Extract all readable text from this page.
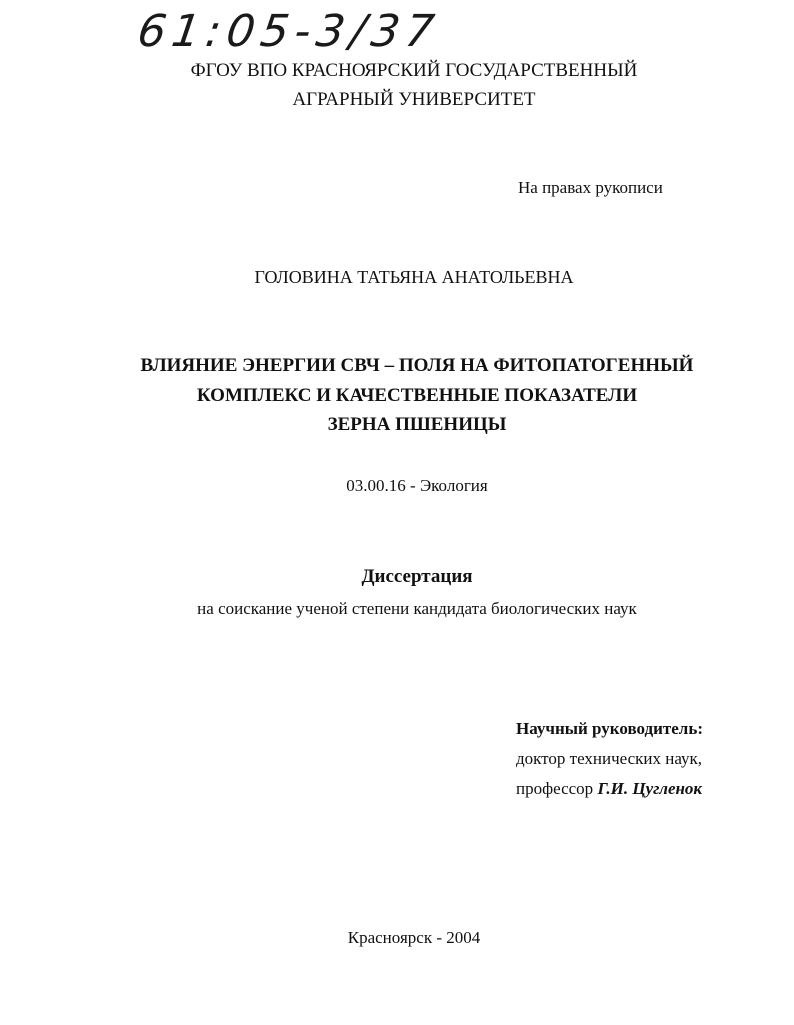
61:05-3/37
ФГОУ ВПО КРАСНОЯРСКИЙ ГОСУДАРСТВЕННЫЙ
АГРАРНЫЙ УНИВЕРСИТЕТ
На правах рукописи
ГОЛОВИНА ТАТЬЯНА АНАТОЛЬЕВНА
ВЛИЯНИЕ ЭНЕРГИИ СВЧ – ПОЛЯ НА ФИТОПАТОГЕННЫЙ
КОМПЛЕКС И КАЧЕСТВЕННЫЕ ПОКАЗАТЕЛИ
ЗЕРНА ПШЕНИЦЫ
03.00.16 - Экология
Диссертация
на соискание ученой степени кандидата биологических наук
Научный руководитель:
доктор технических наук,
профессор Г.И. Цугленок
Красноярск - 2004
